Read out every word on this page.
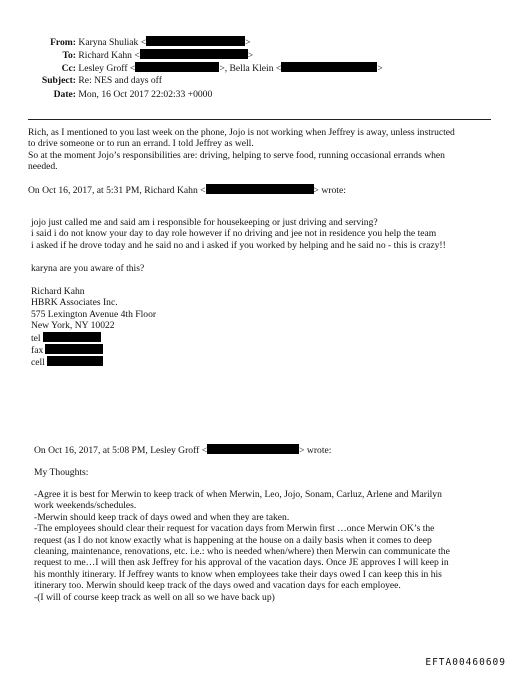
From: Karyna Shuliak <	>
To: Richard Kahn <	>
Cc: Lesley Groff <	>, Bella Klein <	>
Subject: Re: NES and days off
Date: Mon, 16 Oct 2017 22:02:33 +0000
Rich, as I mentioned to you last week on the phone, Jojo is not working when Jeffrey is away, unless instructed
to drive someone or to run an errand. I told Jeffrey as well.
So at the moment Jojo’s responsibilities are: driving, helping to serve food, running occasional errands when
needed.
On Oct 16, 2017, at 5:31 PM, Richard Kahn <	> wrote:
jojo just called me and said am i responsible for housekeeping or just driving and serving?
i said i do not know your day to day role however if no driving and jee not in residence you help the team
i asked if he drove today and he said no and i asked if you worked by helping and he said no - this is crazy!!
karyna are you aware of this?
Richard Kahn
HBRK Associates Inc.
575 Lexington Avenue 4th Floor
New York, NY 10022
tel
fax
cell
On Oct 16, 2017, at 5:08 PM, Lesley Groff <	> wrote:
My Thoughts:
-Agree it is best for Merwin to keep track of when Merwin, Leo, Jojo, Sonam, Carluz, Arlene and Marilyn
work weekends/schedules.
-Merwin should keep track of days owed and when they are taken.
-The employees should clear their request for vacation days from Merwin first …once Merwin OK’s the
request (as I do not know exactly what is happening at the house on a daily basis when it comes to deep
cleaning, maintenance, renovations, etc. i.e.: who is needed when/where) then Merwin can communicate the
request to me…I will then ask Jeffrey for his approval of the vacation days. Once JE approves I will keep in
his monthly itinerary. If Jeffrey wants to know when employees take their days owed I can keep this in his
itinerary too. Merwin should keep track of the days owed and vacation days for each employee.
-(I will of course keep track as well on all so we have back up)
EFTA00460609
